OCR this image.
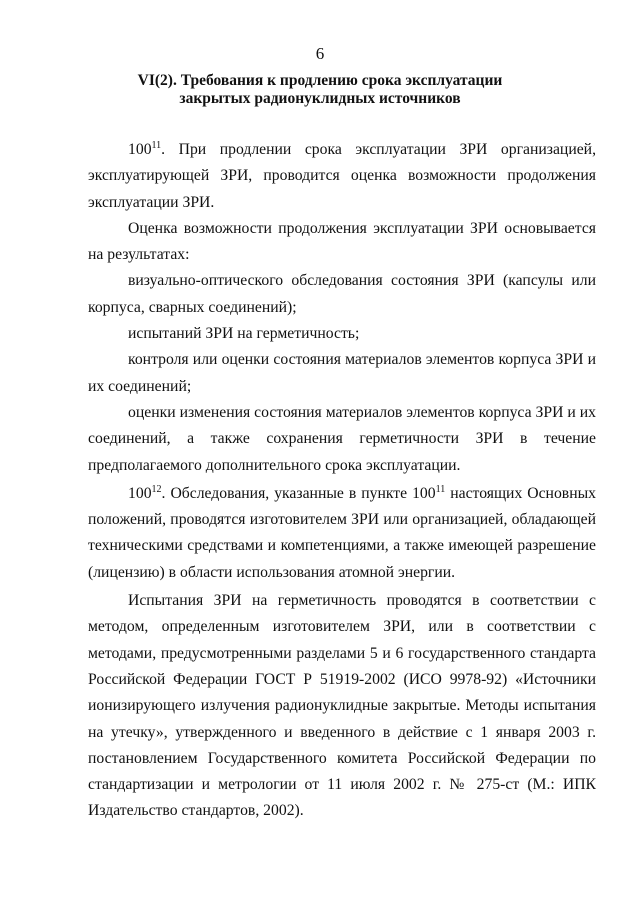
6
VI(2). Требования к продлению срока эксплуатации
закрытых радионуклидных источников

$100^{11}$. При продлении срока эксплуатации ЗРИ организацией, эксплуатирующей ЗРИ, проводится оценка возможности продолжения эксплуатации ЗРИ.

Оценка возможности продолжения эксплуатации ЗРИ основывается на результатах:

визуально-оптического обследования состояния ЗРИ (капсулы или корпуса, сварных соединений);

испытаний ЗРИ на герметичность;

контроля или оценки состояния материалов элементов корпуса ЗРИ и их соединений;

оценки изменения состояния материалов элементов корпуса ЗРИ и их соединений, а также сохранения герметичности ЗРИ в течение предполагаемого дополнительного срока эксплуатации.

$100^{12}$. Обследования, указанные в пункте $100^{11}$ настоящих Основных положений, проводятся изготовителем ЗРИ или организацией, обладающей техническими средствами и компетенциями, а также имеющей разрешение (лицензию) в области использования атомной энергии.

Испытания ЗРИ на герметичность проводятся в соответствии с методом, определенным изготовителем ЗРИ, или в соответствии с методами, предусмотренными разделами 5 и 6 государственного стандарта Российской Федерации ГОСТ Р 51919-2002 (ИСО 9978-92) «Источники ионизирующего излучения радионуклидные закрытые. Методы испытания на утечку», утвержденного и введенного в действие с 1 января 2003 г. постановлением Государственного комитета Российской Федерации по стандартизации и метрологии от 11 июля 2002 г. № 275-ст (М.: ИПК Издательство стандартов, 2002).
